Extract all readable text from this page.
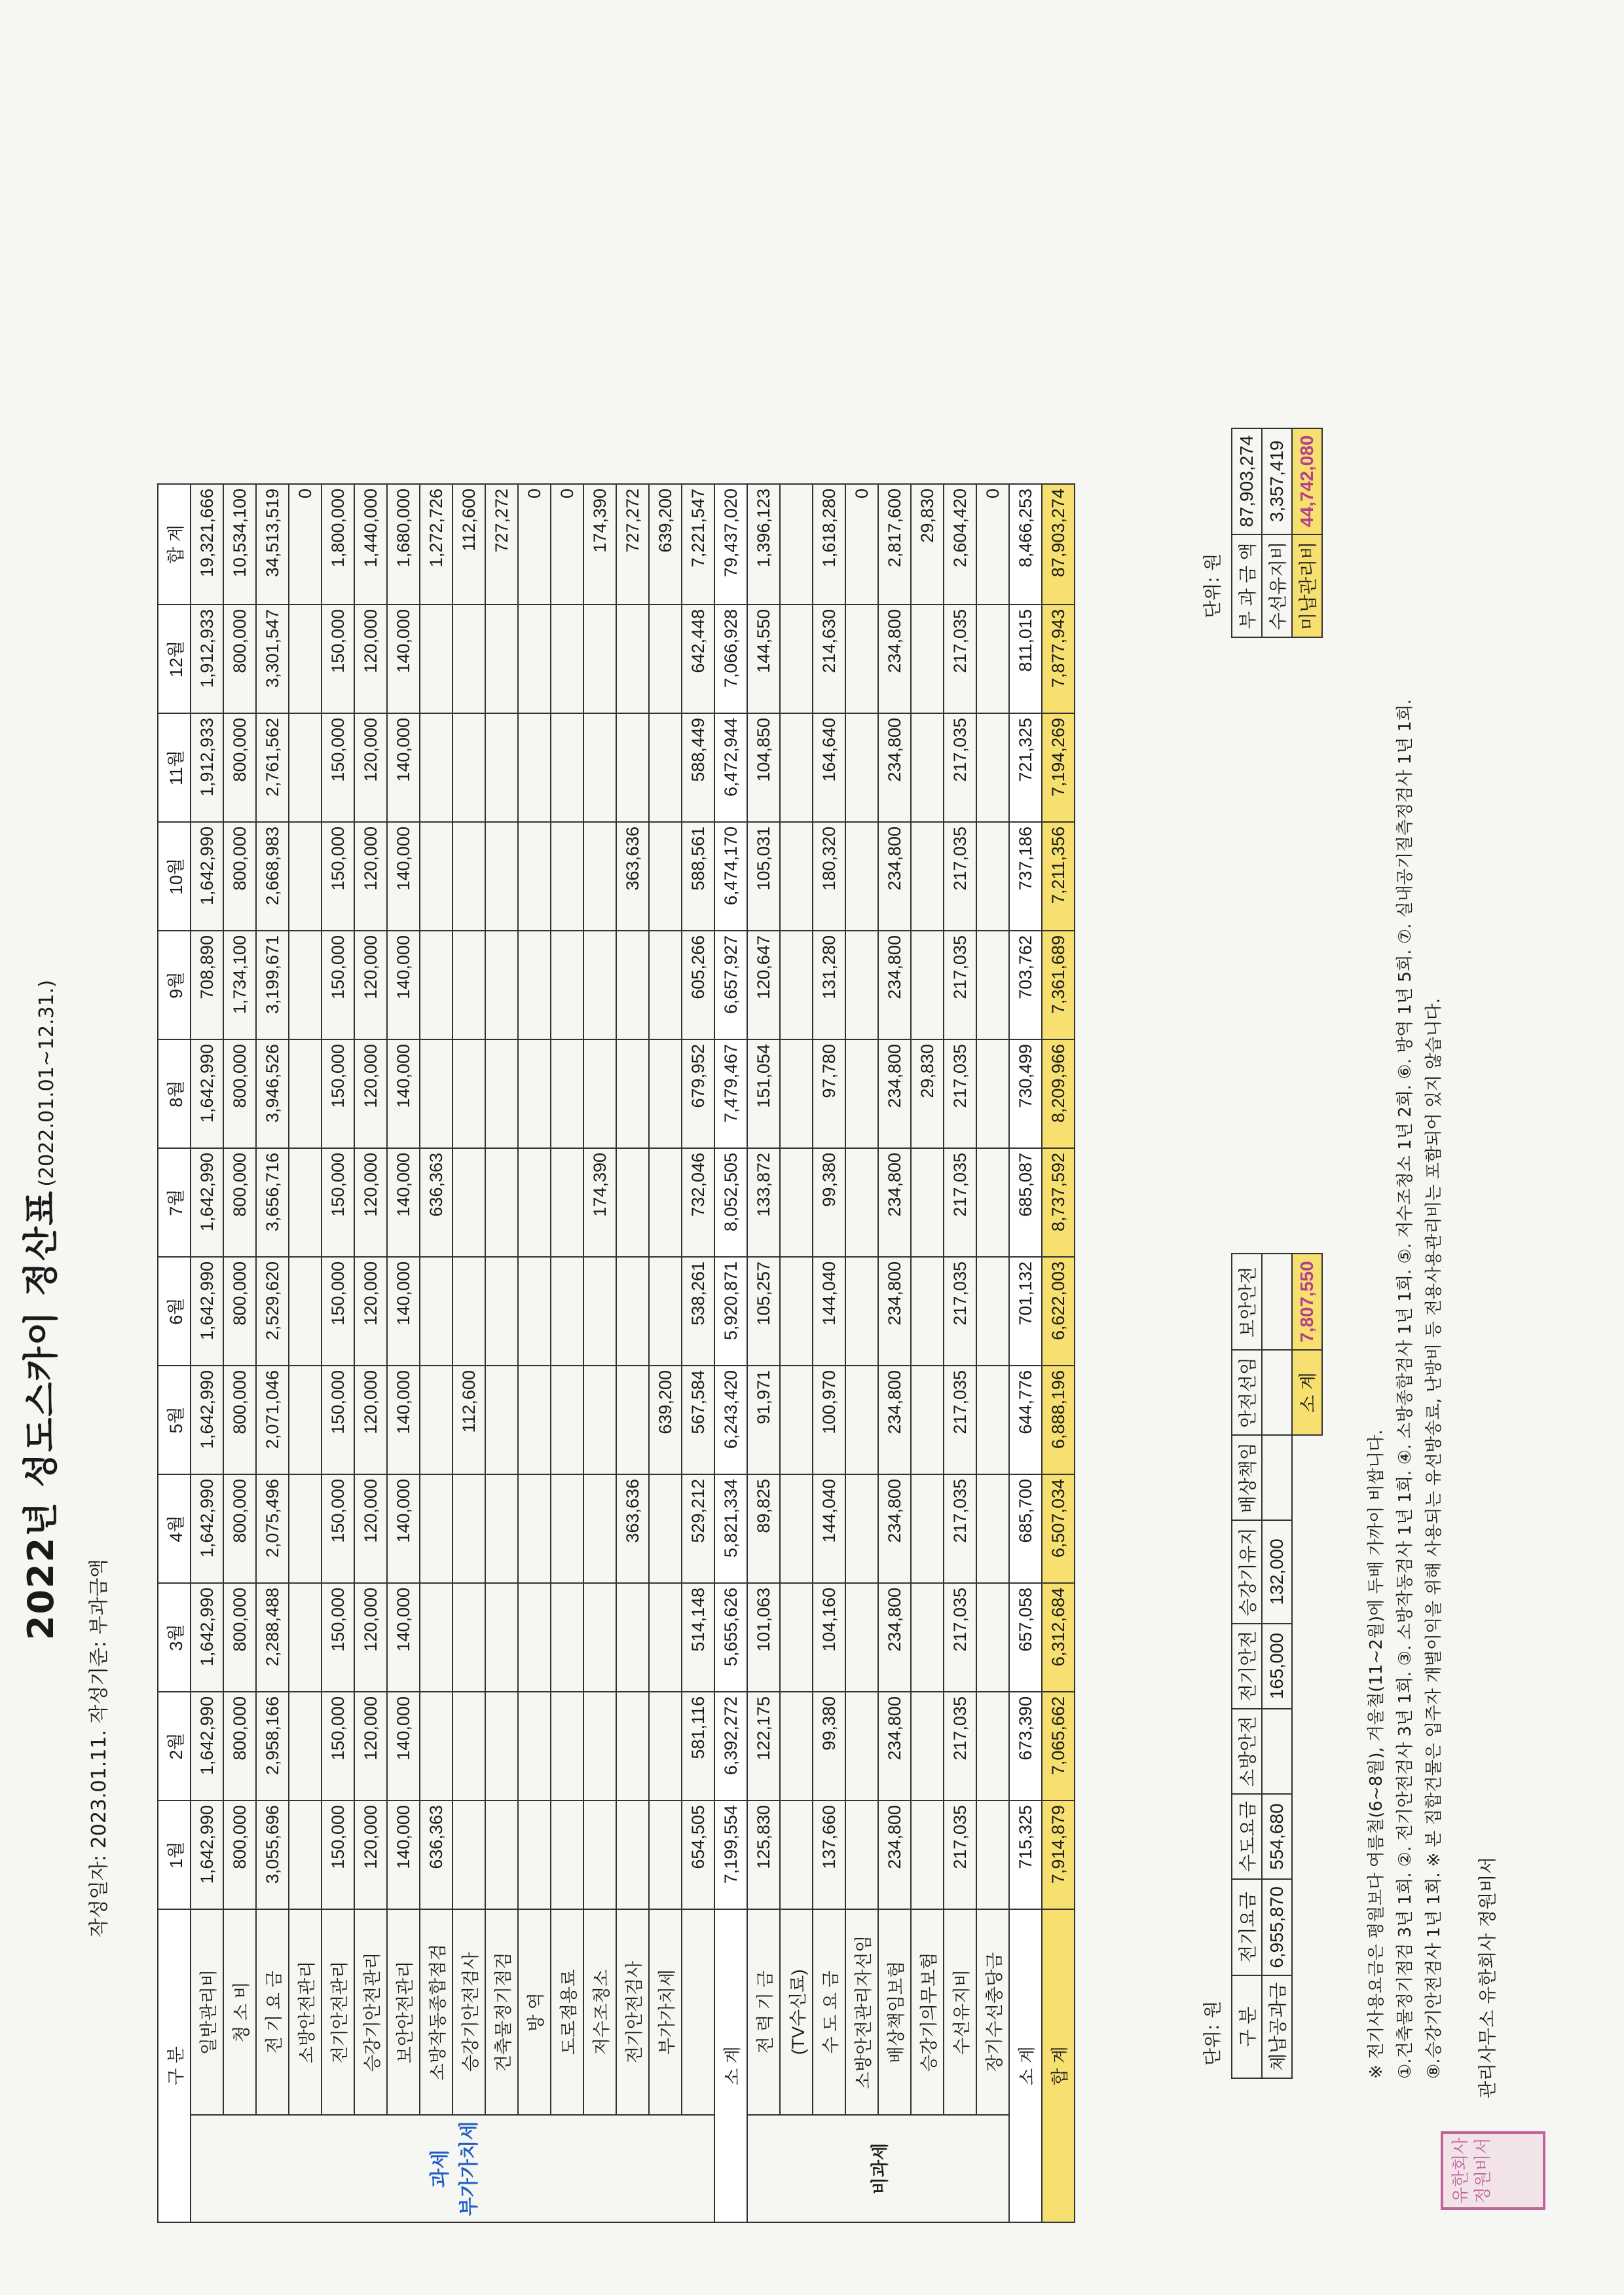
2022년 성도스카이 정산표 (2022.01.01~12.31.)
작성일자: 2023.01.11. 작성기준: 부과금액
구 분		1월	2월	3월	4월	5월	6월	7월	8월	9월	10월	11월	12월	합 계

과세 부가가치세	일반관리비	1,642,990	1,642,990	1,642,990	1,642,990	1,642,990	1,642,990	1,642,990	1,642,990	708,890	1,642,990	1,912,933	1,912,933	19,321,666
	청 소 비	800,000	800,000	800,000	800,000	800,000	800,000	800,000	800,000	1,734,100	800,000	800,000	800,000	10,534,100
	전 기 요 금	3,055,696	2,958,166	2,288,488	2,075,496	2,071,046	2,529,620	3,656,716	3,946,526	3,199,671	2,668,983	2,761,562	3,301,547	34,513,519
	소방안전관리													0
	전기안전관리	150,000	150,000	150,000	150,000	150,000	150,000	150,000	150,000	150,000	150,000	150,000	150,000	1,800,000
	승강기안전관리	120,000	120,000	120,000	120,000	120,000	120,000	120,000	120,000	120,000	120,000	120,000	120,000	1,440,000
	보안안전관리	140,000	140,000	140,000	140,000	140,000	140,000	140,000	140,000	140,000	140,000	140,000	140,000	1,680,000
	소방작동종합점검	636,363						636,363						1,272,726
	승강기안전검사					112,600								112,600
	건축물정기점검													727,272
	방 역													0
	도로점용료													0
	저수조청소							174,390						174,390
	전기안전검사				363,636						363,636			727,272
	부가가치세					639,200								639,200
		654,505	581,116	514,148	529,212	567,584	538,261	732,046	679,952	605,266	588,561	588,449	642,448	7,221,547
소 계		7,199,554	6,392,272	5,655,626	5,821,334	6,243,420	5,920,871	8,052,505	7,479,467	6,657,927	6,474,170	6,472,944	7,066,928	79,437,020

비과세	전 력 기 금	125,830	122,175	101,063	89,825	91,971	105,257	133,872	151,054	120,647	105,031	104,850	144,550	1,396,123
	(TV수신료)													
	수 도 요 금	137,660	99,380	104,160	144,040	100,970	144,040	99,380	97,780	131,280	180,320	164,640	214,630	1,618,280
	소방안전관리자선임													0
	배상책임보험	234,800	234,800	234,800	234,800	234,800	234,800	234,800	234,800	234,800	234,800	234,800	234,800	2,817,600
	승강기의무보험								29,830					29,830
	수선유지비	217,035	217,035	217,035	217,035	217,035	217,035	217,035	217,035	217,035	217,035	217,035	217,035	2,604,420
	장기수선충당금													0
소 계		715,325	673,390	657,058	685,700	644,776	701,132	685,087	730,499	703,762	737,186	721,325	811,015	8,466,253
합 계		7,914,879	7,065,662	6,312,684	6,507,034	6,888,196	6,622,003	8,737,592	8,209,966	7,361,689	7,211,356	7,194,269	7,877,943	87,903,274
단위: 원 부 과 금 액	87,903,274
수선유지비	3,357,419
미납관리비	44,742,080
단위: 원 구 분	전기요금	수도요금	소방안전	전기안전	승강기유지	배상책임	안전선임	보안안전
체납공과금	6,955,870	554,680		165,000	132,000			
							소 계	7,807,550
※ 전기사용요금은 평월보다 여름철(6~8월), 겨울철(11~2월)에 두배 가까이 비쌉니다. ①.건축물정기점검 3년 1회. ②. 전기안전검사 3년 1회. ③. 소방작동검사 1년 1회. ④. 소방종합검사 1년 1회. ⑤. 저수조청소 1년 2회. ⑥. 방역 1년 5회. ⑦. 실내공기질측정검사 1년 1회. ⑧.승강기안전검사 1년 1회. ※ 본 집합건물은 입주자 개별이익을 위해 사용되는 유선방송료, 난방비 등 전용사용관리비는 포함되어 있지 않습니다. 관리사무소 유한회사 정원비서
유한회사 정원비서
